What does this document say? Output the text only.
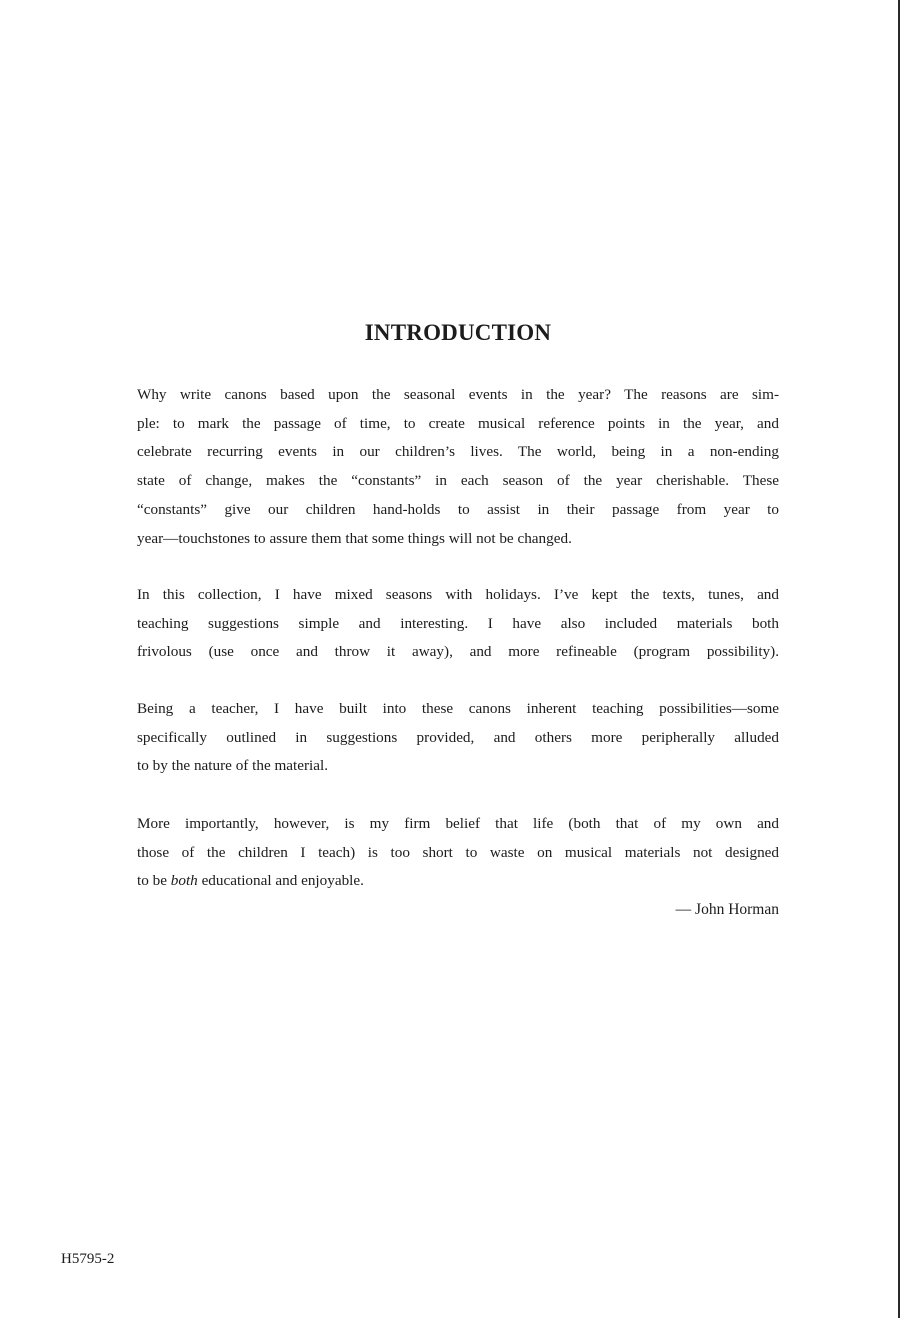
INTRODUCTION

Why write canons based upon the seasonal events in the year? The reasons are sim-
ple: to mark the passage of time, to create musical reference points in the year, and
celebrate recurring events in our children’s lives. The world, being in a non-ending
state of change, makes the “constants” in each season of the year cherishable. These
“constants” give our children hand-holds to assist in their passage from year to
year—touchstones to assure them that some things will not be changed.

In this collection, I have mixed seasons with holidays. I’ve kept the texts, tunes, and
teaching suggestions simple and interesting. I have also included materials both
frivolous (use once and throw it away), and more refineable (program possibility).

Being a teacher, I have built into these canons inherent teaching possibilities—some
specifically outlined in suggestions provided, and others more peripherally alluded
to by the nature of the material.

More importantly, however, is my firm belief that life (both that of my own and
those of the children I teach) is too short to waste on musical materials not designed
to be both educational and enjoyable.

— John Horman

H5795-2
